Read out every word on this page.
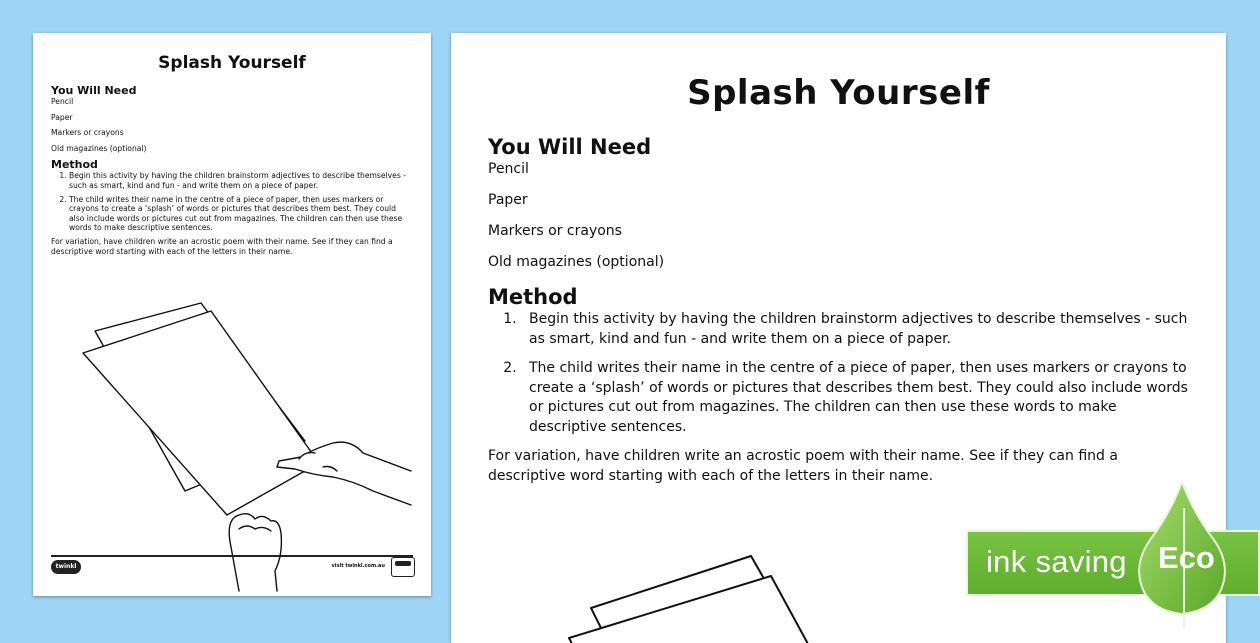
Splash Yourself
You Will Need
Pencil
Paper
Markers or crayons
Old magazines (optional)
Method
1. Begin this activity by having the children brainstorm adjectives to describe themselves - such as smart, kind and fun - and write them on a piece of paper.
2. The child writes their name in the centre of a piece of paper, then uses markers or crayons to create a ‘splash’ of words or pictures that describes them best. They could also include words or pictures cut out from magazines. The children can then use these words to make descriptive sentences.

For variation, have children write an acrostic poem with their name. See if they can find a descriptive word starting with each of the letters in their name.

twinkl	visit twinkl.com.au
Splash Yourself
You Will Need
Pencil
Paper
Markers or crayons
Old magazines (optional)
Method
1. Begin this activity by having the children brainstorm adjectives to describe themselves - such as smart, kind and fun - and write them on a piece of paper.
2. The child writes their name in the centre of a piece of paper, then uses markers or crayons to create a ‘splash’ of words or pictures that describes them best. They could also include words or pictures cut out from magazines. The children can then use these words to make descriptive sentences.

For variation, have children write an acrostic poem with their name. See if they can find a descriptive word starting with each of the letters in their name.

ink saving Eco
